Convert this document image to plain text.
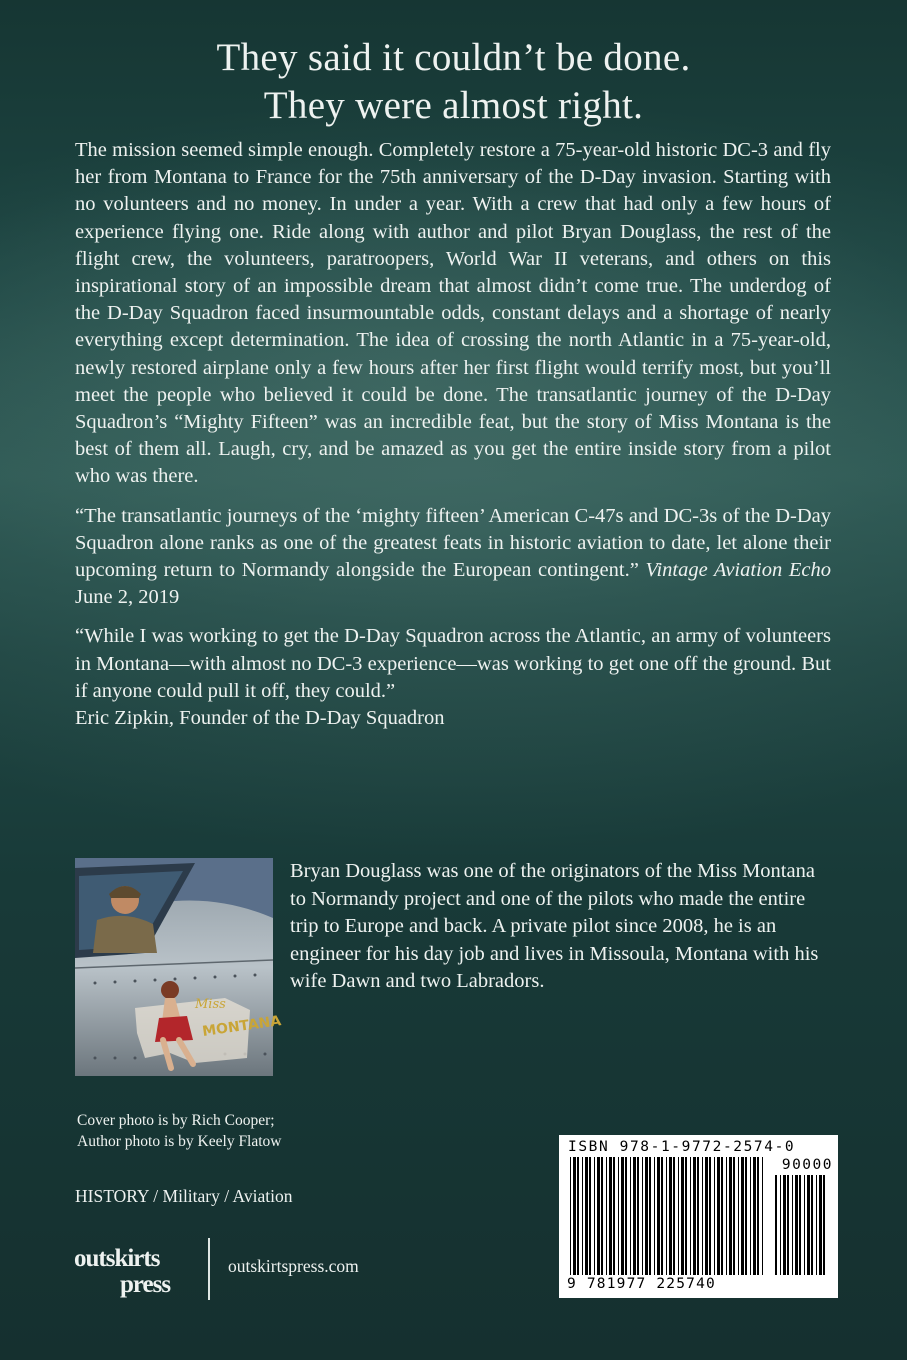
They said it couldn’t be done.
They were almost right.

The mission seemed simple enough. Completely restore a 75-year-old historic DC-3 and fly her from Montana to France for the 75th anniversary of the D-Day invasion. Starting with no volunteers and no money. In under a year. With a crew that had only a few hours of experience flying one. Ride along with author and pilot Bryan Douglass, the rest of the flight crew, the volunteers, paratroopers, World War II veterans, and others on this inspirational story of an impossible dream that almost didn’t come true. The underdog of the D-Day Squadron faced insurmountable odds, constant delays and a shortage of nearly everything except determination. The idea of crossing the north Atlantic in a 75-year-old, newly restored airplane only a few hours after her first flight would terrify most, but you’ll meet the people who believed it could be done. The transatlantic journey of the D-Day Squadron’s “Mighty Fifteen” was an incredible feat, but the story of Miss Montana is the best of them all. Laugh, cry, and be amazed as you get the entire inside story from a pilot who was there.

“The transatlantic journeys of the ‘mighty fifteen’ American C-47s and DC-3s of the D-Day Squadron alone ranks as one of the greatest feats in historic aviation to date, let alone their upcoming return to Normandy alongside the European contingent.” Vintage Aviation Echo June 2, 2019

“While I was working to get the D-Day Squadron across the Atlantic, an army of volunteers in Montana—with almost no DC-3 experience—was working to get one off the ground. But if anyone could pull it off, they could.”
Eric Zipkin, Founder of the D-Day Squadron

Miss
MONTANA
Bryan Douglass was one of the originators of the Miss Montana to Normandy project and one of the pilots who made the entire trip to Europe and back. A private pilot since 2008, he is an engineer for his day job and lives in Missoula, Montana with his wife Dawn and two Labradors.
Cover photo is by Rich Cooper;
Author photo is by Keely Flatow
HISTORY / Military / Aviation
outskirts
press
outskirtspress.com
ISBN 978-1-9772-2574-0
90000
9 781977 225740
